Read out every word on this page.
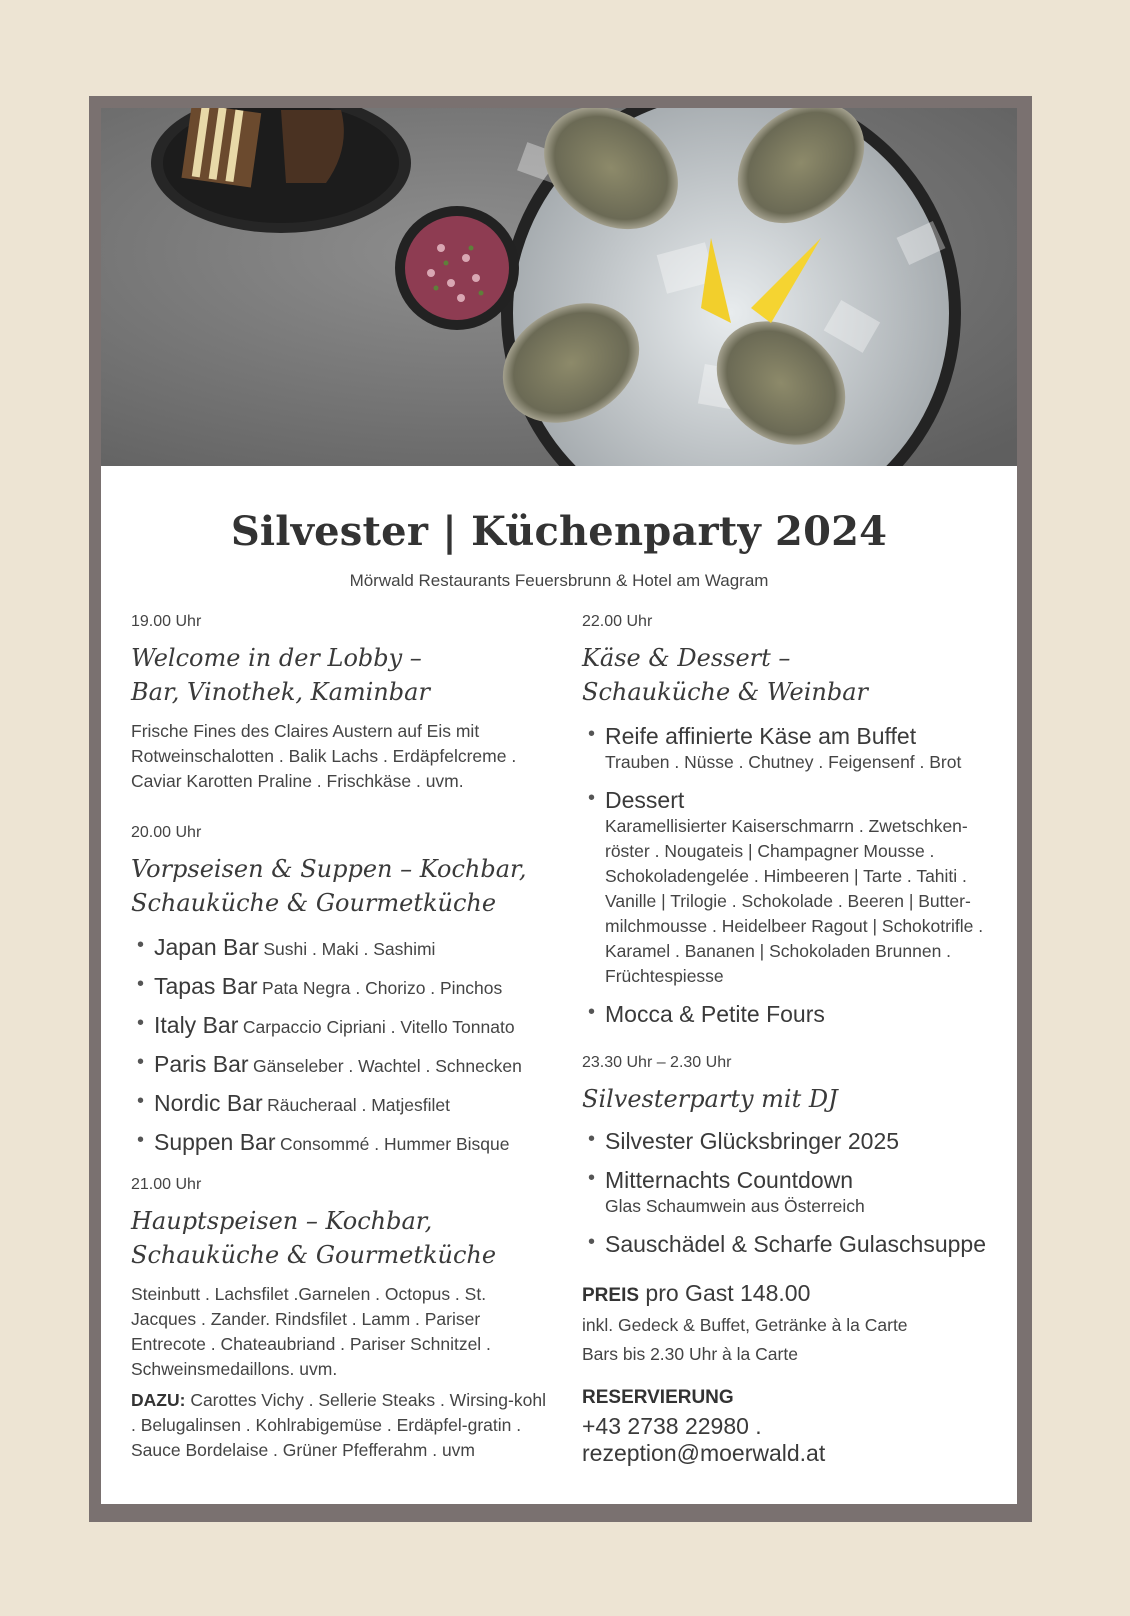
Silvester | Küchenparty 2024
Mörwald Restaurants Feuersbrunn & Hotel am Wagram
19.00 Uhr
Welcome in der Lobby –
Bar, Vinothek, Kaminbar
Frische Fines des Claires Austern auf Eis mit Rotweinschalotten . Balik Lachs . Erdäpfelcreme . Caviar Karotten Praline . Frischkäse . uvm.
20.00 Uhr
Vorpseisen & Suppen – Kochbar,
Schauküche & Gourmetküche
• Japan Bar Sushi . Maki . Sashimi
• Tapas Bar Pata Negra . Chorizo . Pinchos
• Italy Bar Carpaccio Cipriani . Vitello Tonnato
• Paris Bar Gänseleber . Wachtel . Schnecken
• Nordic Bar Räucheraal . Matjesfilet
• Suppen Bar Consommé . Hummer Bisque
21.00 Uhr
Hauptspeisen – Kochbar,
Schauküche & Gourmetküche
Steinbutt . Lachsfilet .Garnelen . Octopus . St. Jacques . Zander. Rindsfilet . Lamm . Pariser Entrecote . Chateaubriand . Pariser Schnitzel . Schweinsmedaillons. uvm.
DAZU: Carottes Vichy . Sellerie Steaks . Wirsing-kohl . Belugalinsen . Kohlrabigemüse . Erdäpfel-gratin . Sauce Bordelaise . Grüner Pfefferahm . uvm
22.00 Uhr
Käse & Dessert –
Schauküche & Weinbar
• Reife affinierte Käse am Buffet
Trauben . Nüsse . Chutney . Feigensenf . Brot
• Dessert
Karamellisierter Kaiserschmarrn . Zwetschken-röster . Nougateis | Champagner Mousse . Schokoladengelée . Himbeeren | Tarte . Tahiti . Vanille | Trilogie . Schokolade . Beeren | Butter-milchmousse . Heidelbeer Ragout | Schokotrifle . Karamel . Bananen | Schokoladen Brunnen . Früchtespiesse
• Mocca & Petite Fours
23.30 Uhr – 2.30 Uhr
Silvesterparty mit DJ
• Silvester Glücksbringer 2025
• Mitternachts Countdown
Glas Schaumwein aus Österreich
• Sauschädel & Scharfe Gulaschsuppe
PREIS pro Gast 148.00
inkl. Gedeck & Buffet, Getränke à la Carte
Bars bis 2.30 Uhr à la Carte
RESERVIERUNG
+43 2738 22980 . rezeption@moerwald.at
